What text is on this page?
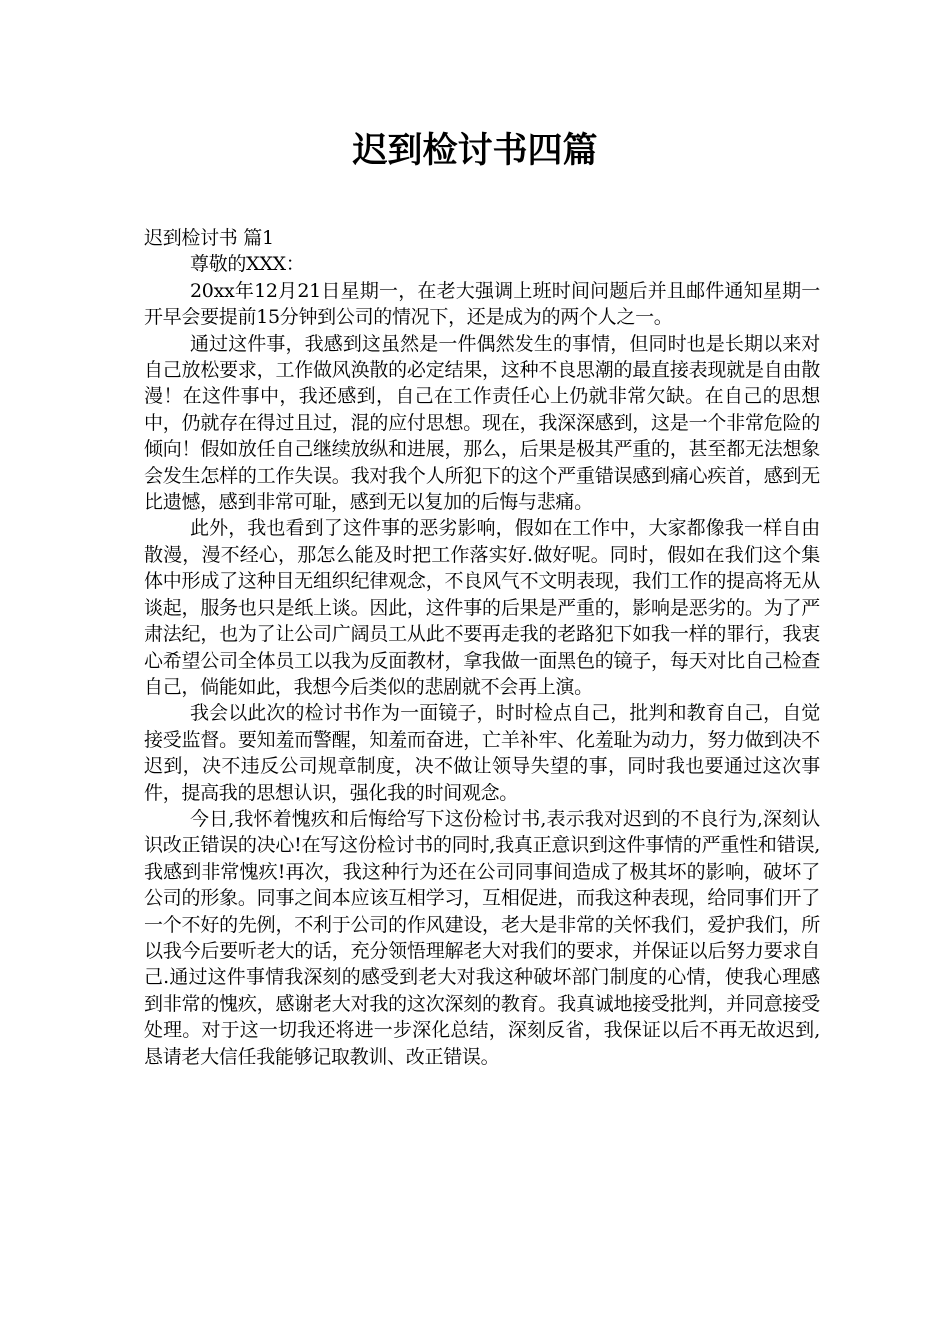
迟到检讨书四篇

迟到检讨书 篇1

尊敬的XXX：

20xx年12月21日星期一，在老大强调上班时间问题后并且邮件通知星期一开早会要提前15分钟到公司的情况下，还是成为的两个人之一。

通过这件事，我感到这虽然是一件偶然发生的事情，但同时也是长期以来对自己放松要求，工作做风涣散的必定结果，这种不良思潮的最直接表现就是自由散漫！在这件事中，我还感到，自己在工作责任心上仍就非常欠缺。在自己的思想中，仍就存在得过且过，混的应付思想。现在，我深深感到，这是一个非常危险的倾向！假如放任自己继续放纵和进展，那么，后果是极其严重的，甚至都无法想象会发生怎样的工作失误。我对我个人所犯下的这个严重错误感到痛心疾首，感到无比遗憾，感到非常可耻，感到无以复加的后悔与悲痛。

此外，我也看到了这件事的恶劣影响，假如在工作中，大家都像我一样自由散漫，漫不经心，那怎么能及时把工作落实好.做好呢。同时，假如在我们这个集体中形成了这种目无组织纪律观念，不良风气不文明表现，我们工作的提高将无从谈起，服务也只是纸上谈。因此，这件事的后果是严重的，影响是恶劣的。为了严肃法纪，也为了让公司广阔员工从此不要再走我的老路犯下如我一样的罪行，我衷心希望公司全体员工以我为反面教材，拿我做一面黑色的镜子，每天对比自己检查自己，倘能如此，我想今后类似的悲剧就不会再上演。

我会以此次的检讨书作为一面镜子，时时检点自己，批判和教育自己，自觉接受监督。要知羞而警醒，知羞而奋进，亡羊补牢、化羞耻为动力，努力做到决不迟到，决不违反公司规章制度，决不做让领导失望的事，同时我也要通过这次事件，提高我的思想认识，强化我的时间观念。

今日,我怀着愧疚和后悔给写下这份检讨书,表示我对迟到的不良行为,深刻认识改正错误的决心!在写这份检讨书的同时,我真正意识到这件事情的严重性和错误,我感到非常愧疚!再次，我这种行为还在公司同事间造成了极其坏的影响，破坏了公司的形象。同事之间本应该互相学习，互相促进，而我这种表现，给同事们开了一个不好的先例，不利于公司的作风建设，老大是非常的关怀我们，爱护我们，所以我今后要听老大的话，充分领悟理解老大对我们的要求，并保证以后努力要求自己.通过这件事情我深刻的感受到老大对我这种破坏部门制度的心情，使我心理感到非常的愧疚，感谢老大对我的这次深刻的教育。我真诚地接受批判，并同意接受处理。对于这一切我还将进一步深化总结，深刻反省，我保证以后不再无故迟到,恳请老大信任我能够记取教训、改正错误。
